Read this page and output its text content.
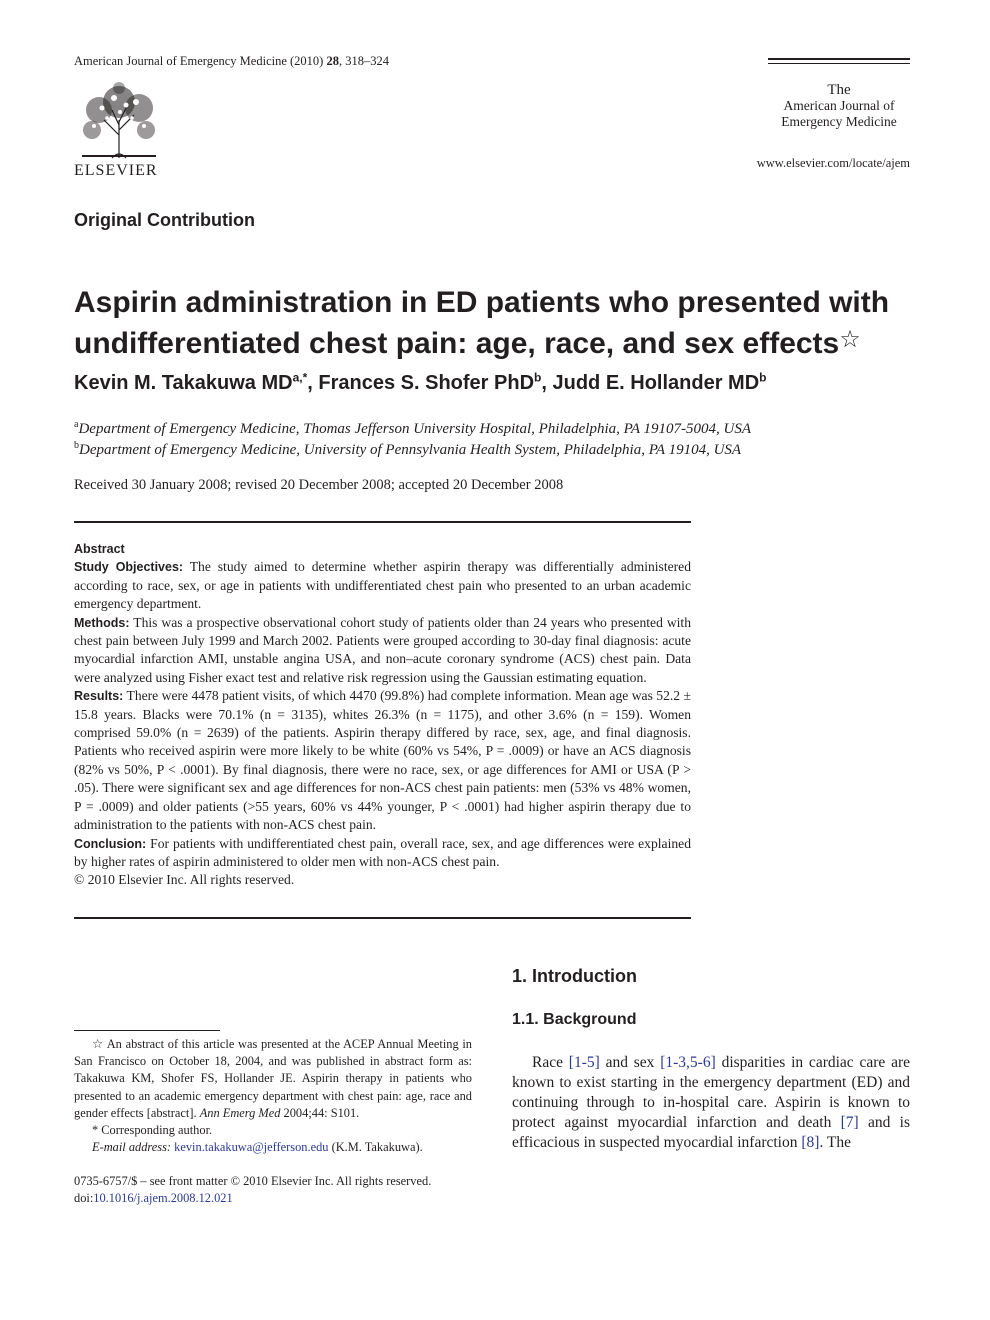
American Journal of Emergency Medicine (2010) 28, 318–324
ELSEVIER
The
American Journal of
Emergency Medicine
www.elsevier.com/locate/ajem
Original Contribution
Aspirin administration in ED patients who presented with undifferentiated chest pain: age, race, and sex effects☆
Kevin M. Takakuwa $MD^{a,*}$, Frances S. Shofer PhD$^b$, Judd E. Hollander $MD^b$
$^a$Department of Emergency Medicine, Thomas Jefferson University Hospital, Philadelphia, PA 19107-5004, USA
$^b$Department of Emergency Medicine, University of Pennsylvania Health System, Philadelphia, PA 19104, USA
Received 30 January 2008; revised 20 December 2008; accepted 20 December 2008

Abstract

Study Objectives: The study aimed to determine whether aspirin therapy was differentially administered according to race, sex, or age in patients with undifferentiated chest pain who presented to an urban academic emergency department.

Methods: This was a prospective observational cohort study of patients older than 24 years who presented with chest pain between July 1999 and March 2002. Patients were grouped according to 30-day final diagnosis: acute myocardial infarction AMI, unstable angina USA, and non–acute coronary syndrome (ACS) chest pain. Data were analyzed using Fisher exact test and relative risk regression using the Gaussian estimating equation.

Results: There were 4478 patient visits, of which 4470 (99.8%) had complete information. Mean age was 52.2 ± 15.8 years. Blacks were 70.1% (n = 3135), whites 26.3% (n = 1175), and other 3.6% (n = 159). Women comprised 59.0% (n = 2639) of the patients. Aspirin therapy differed by race, sex, age, and final diagnosis. Patients who received aspirin were more likely to be white (60% vs 54%, P = .0009) or have an ACS diagnosis (82% vs 50%, P < .0001). By final diagnosis, there were no race, sex, or age differences for AMI or USA (P > .05). There were significant sex and age differences for non-ACS chest pain patients: men (53% vs 48% women, P = .0009) and older patients (>55 years, 60% vs 44% younger, P < .0001) had higher aspirin therapy due to administration to the patients with non-ACS chest pain.

Conclusion: For patients with undifferentiated chest pain, overall race, sex, and age differences were explained by higher rates of aspirin administered to older men with non-ACS chest pain.

© 2010 Elsevier Inc. All rights reserved.

1. Introduction
1.1. Background

Race [1-5] and sex [1-3,5-6] disparities in cardiac care are known to exist starting in the emergency department (ED) and continuing through to in-hospital care. Aspirin is known to protect against myocardial infarction and death [7] and is efficacious in suspected myocardial infarction [8]. The

☆ An abstract of this article was presented at the ACEP Annual Meeting in San Francisco on October 18, 2004, and was published in abstract form as: Takakuwa KM, Shofer FS, Hollander JE. Aspirin therapy in patients who presented to an academic emergency department with chest pain: age, race and gender effects [abstract]. Ann Emerg Med 2004;44: S101.

* Corresponding author.

E-mail address: kevin.takakuwa@jefferson.edu (K.M. Takakuwa).

0735-6757/$ – see front matter © 2010 Elsevier Inc. All rights reserved.
doi:10.1016/j.ajem.2008.12.021
